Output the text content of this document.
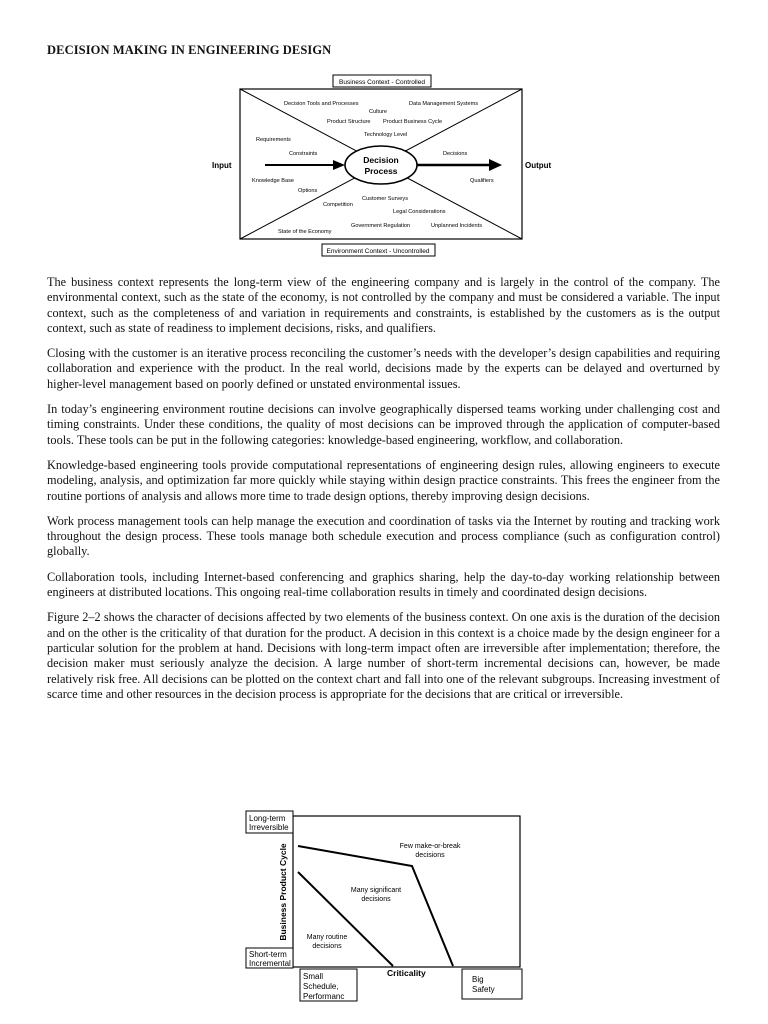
DECISION MAKING IN ENGINEERING DESIGN
Business Context - Controlled
Environment Context - Uncontrolled
Decision
Process
Input	Output
Decision Tools and Processes	Data Management Systems
Culture
Product Structure Product Business Cycle
Technology Level
Requirements
Constraints	Decisions
Knowledge Base	Qualifiers
Options
Customer Surveys
Competition
Legal Considerations
Government Regulation	Unplanned Incidents
State of the Economy

The business context represents the long-term view of the engineering company and is largely in the control of the company. The environmental context, such as the state of the economy, is not controlled by the company and must be considered a variable. The input context, such as the completeness of and variation in requirements and constraints, is established by the customers as is the output context, such as state of readiness to implement decisions, risks, and qualifiers.

Closing with the customer is an iterative process reconciling the customer’s needs with the developer’s design capabilities and requiring collaboration and experience with the product. In the real world, decisions made by the experts can be delayed and overturned by higher-level management based on poorly defined or unstated environmental issues.

In today’s engineering environment routine decisions can involve geographically dispersed teams working under challenging cost and timing constraints. Under these conditions, the quality of most decisions can be improved through the application of computer-based tools. These tools can be put in the following categories: knowledge-based engineering, workflow, and collaboration.

Knowledge-based engineering tools provide computational representations of engineering design rules, allowing engineers to execute modeling, analysis, and optimization far more quickly while staying within design practice constraints. This frees the engineer from the routine portions of analysis and allows more time to trade design options, thereby improving design decisions.

Work process management tools can help manage the execution and coordination of tasks via the Internet by routing and tracking work throughout the design process. These tools manage both schedule execution and process compliance (such as configuration control) globally.

Collaboration tools, including Internet-based conferencing and graphics sharing, help the day-to-day working relationship between engineers at distributed locations. This ongoing real-time collaboration results in timely and coordinated design decisions.

Figure 2–2 shows the character of decisions affected by two elements of the business context. On one axis is the duration of the decision and on the other is the criticality of that duration for the product. A decision in this context is a choice made by the design engineer for a particular solution for the problem at hand. Decisions with long-term impact often are irreversible after implementation; therefore, the decision maker must seriously analyze the decision. A large number of short-term incremental decisions can, however, be made relatively risk free. All decisions can be plotted on the context chart and fall into one of the relevant subgroups. Increasing investment of scarce time and other resources in the decision process is appropriate for the decisions that are critical or irreversible.

Long-term
Irreversible
Short-term
Incremental
Business Product Cycle
Criticality
Small
Schedule,
Performanc
Big
Safety
Few make-or-break
decisions
Many significant
decisions
Many routine
decisions
